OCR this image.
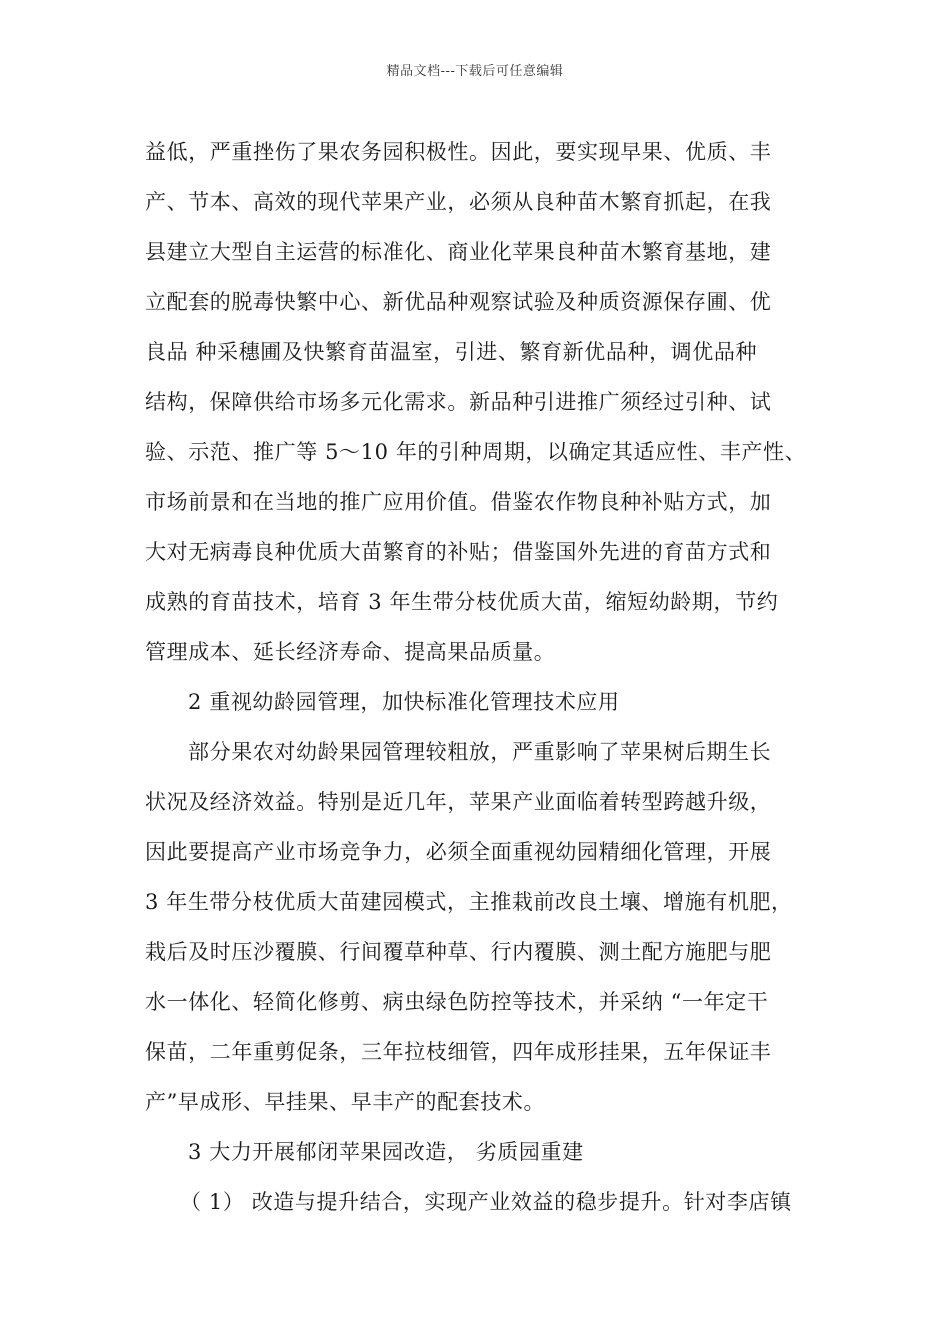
精品文档---下载后可任意编辑
益低，严重挫伤了果农务园积极性。因此，要实现早果、优质、丰
产、节本、高效的现代苹果产业，必须从良种苗木繁育抓起，在我
县建立大型自主运营的标准化、商业化苹果良种苗木繁育基地，建
立配套的脱毒快繁中心、新优品种观察试验及种质资源保存圃、优
良品 种采穗圃及快繁育苗温室，引进、繁育新优品种，调优品种
结构，保障供给市场多元化需求。新品种引进推广须经过引种、试
验、示范、推广等 5～10 年的引种周期，以确定其适应性、丰产性、
市场前景和在当地的推广应用价值。借鉴农作物良种补贴方式，加
大对无病毒良种优质大苗繁育的补贴；借鉴国外先进的育苗方式和
成熟的育苗技术，培育 3 年生带分枝优质大苗，缩短幼龄期，节约
管理成本、延长经济寿命、提高果品质量。
2 重视幼龄园管理，加快标准化管理技术应用
部分果农对幼龄果园管理较粗放，严重影响了苹果树后期生长
状况及经济效益。特别是近几年，苹果产业面临着转型跨越升级，
因此要提高产业市场竞争力，必须全面重视幼园精细化管理，开展
3 年生带分枝优质大苗建园模式，主推栽前改良土壤、增施有机肥，
栽后及时压沙覆膜、行间覆草种草、行内覆膜、测土配方施肥与肥
水一体化、轻简化修剪、病虫绿色防控等技术，并采纳 “一年定干
保苗，二年重剪促条，三年拉枝细管，四年成形挂果，五年保证丰
产”早成形、早挂果、早丰产的配套技术。
3 大力开展郁闭苹果园改造， 劣质园重建
（ 1） 改造与提升结合，实现产业效益的稳步提升。针对李店镇
